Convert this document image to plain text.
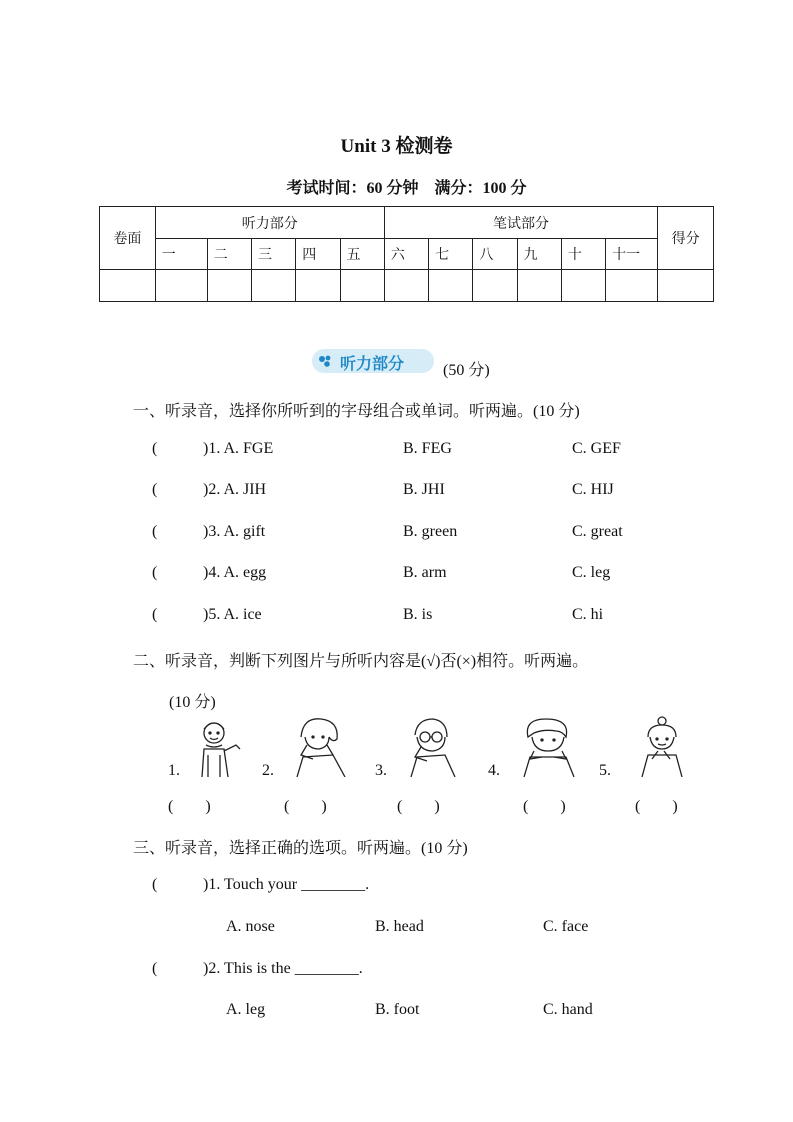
Unit 3 检测卷
考试时间：60 分钟　满分：100 分
卷面	听力部分					笔试部分						得分
	一	二	三	四	五	六	七	八	九	十	十一	

听力部分 (50 分)
一、听录音，选择你所听到的字母组合或单词。听两遍。(10 分)
(	)1. A. FGE	B. FEG	C. GEF
(	)2. A. JIH	B. JHI	C. HIJ
(	)3. A. gift	B. green	C. great
(	)4. A. egg	B. arm	C. leg
(	)5. A. ice	B. is	C. hi
二、听录音，判断下列图片与所听内容是(√)否(×)相符。听两遍。
(10 分)
1.	2.	3.	4.	5.
(　　)	(　　)	(　　)	(　　)	(　　)
三、听录音，选择正确的选项。听两遍。(10 分)
(	)1. Touch your ________.
A. nose	B. head	C. face
(	)2. This is the ________.
A. leg	B. foot	C. hand
